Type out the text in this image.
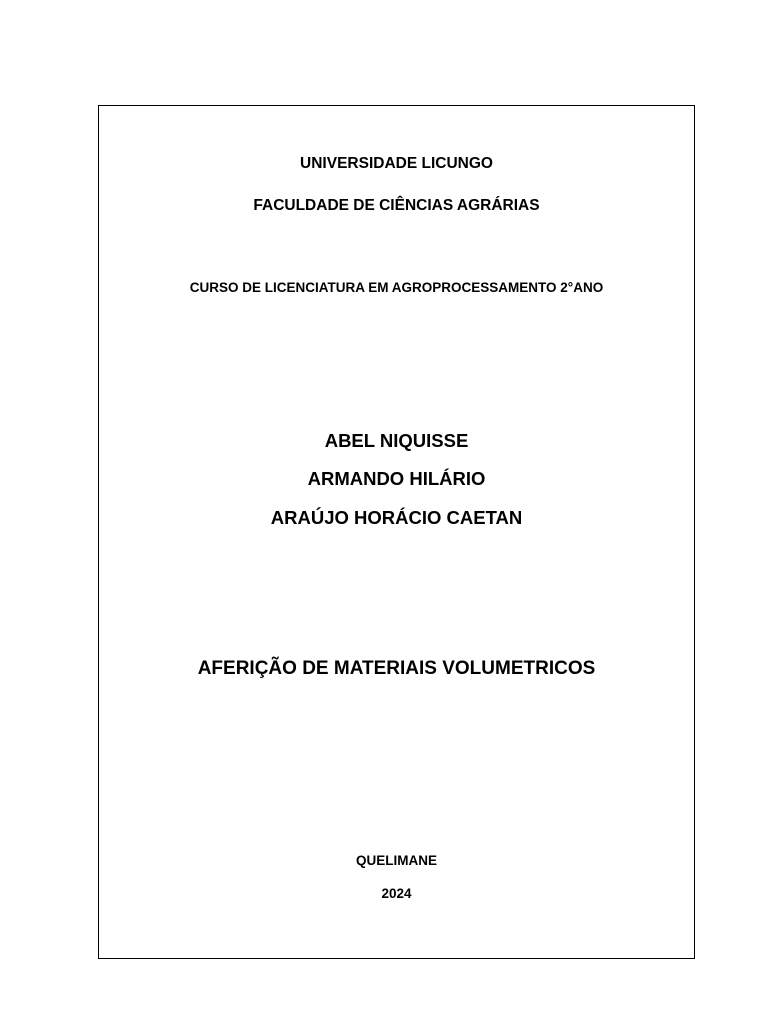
UNIVERSIDADE LICUNGO
FACULDADE DE CIÊNCIAS AGRÁRIAS
CURSO DE LICENCIATURA EM AGROPROCESSAMENTO 2°ANO
ABEL NIQUISSE
ARMANDO HILÁRIO
ARAÚJO HORÁCIO CAETAN
AFERIÇÃO DE MATERIAIS VOLUMETRICOS
QUELIMANE
2024
